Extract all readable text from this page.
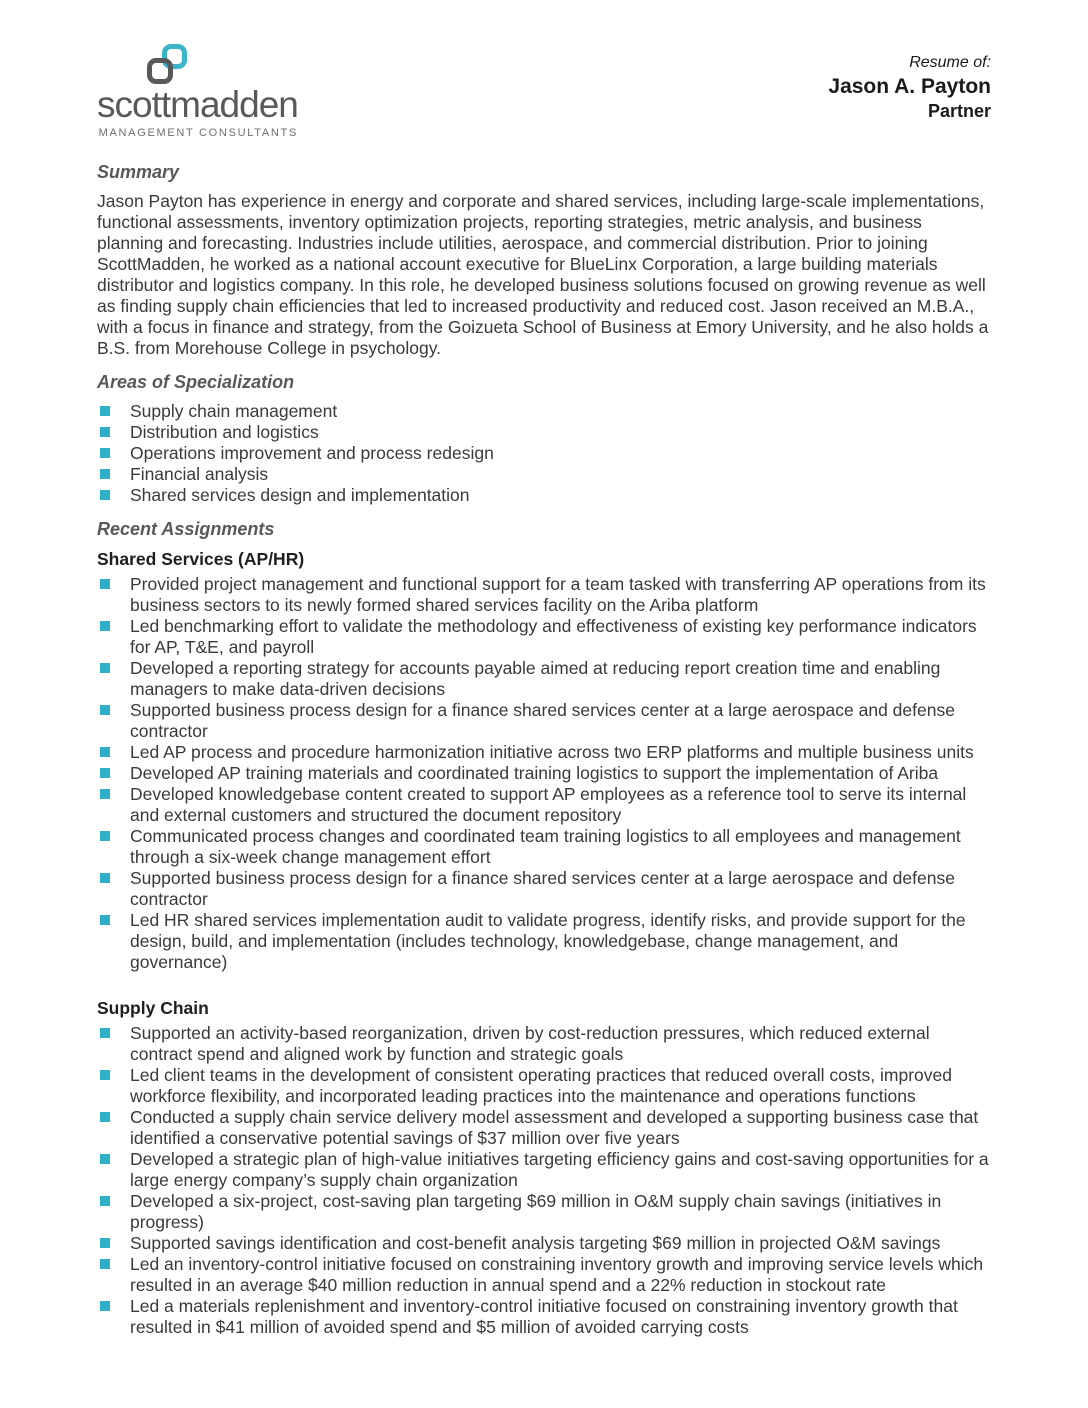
scottmadden
MANAGEMENT CONSULTANTS
Resume of:
Jason A. Payton
Partner
Summary

Jason Payton has experience in energy and corporate and shared services, including large-scale implementations, functional assessments, inventory optimization projects, reporting strategies, metric analysis, and business planning and forecasting. Industries include utilities, aerospace, and commercial distribution. Prior to joining ScottMadden, he worked as a national account executive for BlueLinx Corporation, a large building materials distributor and logistics company. In this role, he developed business solutions focused on growing revenue as well as finding supply chain efficiencies that led to increased productivity and reduced cost. Jason received an M.B.A., with a focus in finance and strategy, from the Goizueta School of Business at Emory University, and he also holds a B.S. from Morehouse College in psychology.

Areas of Specialization
Supply chain management
Distribution and logistics
Operations improvement and process redesign
Financial analysis
Shared services design and implementation
Recent Assignments
Shared Services (AP/HR)
Provided project management and functional support for a team tasked with transferring AP operations from its business sectors to its newly formed shared services facility on the Ariba platform
Led benchmarking effort to validate the methodology and effectiveness of existing key performance indicators for AP, T&E, and payroll
Developed a reporting strategy for accounts payable aimed at reducing report creation time and enabling managers to make data-driven decisions
Supported business process design for a finance shared services center at a large aerospace and defense contractor
Led AP process and procedure harmonization initiative across two ERP platforms and multiple business units
Developed AP training materials and coordinated training logistics to support the implementation of Ariba
Developed knowledgebase content created to support AP employees as a reference tool to serve its internal and external customers and structured the document repository
Communicated process changes and coordinated team training logistics to all employees and management through a six-week change management effort
Supported business process design for a finance shared services center at a large aerospace and defense contractor
Led HR shared services implementation audit to validate progress, identify risks, and provide support for the design, build, and implementation (includes technology, knowledgebase, change management, and governance)
Supply Chain
Supported an activity-based reorganization, driven by cost-reduction pressures, which reduced external contract spend and aligned work by function and strategic goals
Led client teams in the development of consistent operating practices that reduced overall costs, improved workforce flexibility, and incorporated leading practices into the maintenance and operations functions
Conducted a supply chain service delivery model assessment and developed a supporting business case that identified a conservative potential savings of $37 million over five years
Developed a strategic plan of high-value initiatives targeting efficiency gains and cost-saving opportunities for a large energy company’s supply chain organization
Developed a six-project, cost-saving plan targeting $69 million in O&M supply chain savings (initiatives in progress)
Supported savings identification and cost-benefit analysis targeting $69 million in projected O&M savings
Led an inventory-control initiative focused on constraining inventory growth and improving service levels which resulted in an average $40 million reduction in annual spend and a 22% reduction in stockout rate
Led a materials replenishment and inventory-control initiative focused on constraining inventory growth that resulted in $41 million of avoided spend and $5 million of avoided carrying costs
